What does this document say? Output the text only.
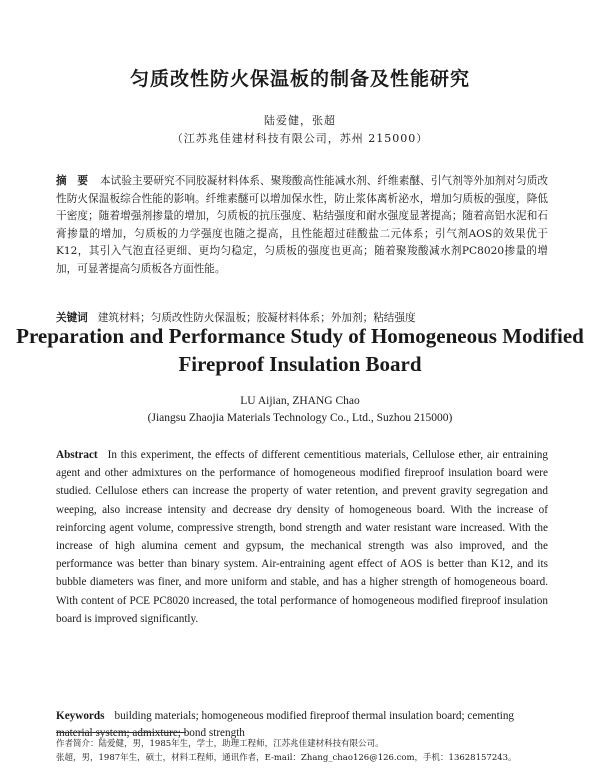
匀质改性防火保温板的制备及性能研究
陆爱健，张超
（江苏兆佳建材科技有限公司，苏州 215000）
摘　要 本试验主要研究不同胶凝材料体系、聚羧酸高性能减水剂、纤维素醚、引气剂等外加剂对匀质改性防火保温板综合性能的影响。纤维素醚可以增加保水性，防止浆体离析泌水，增加匀质板的强度，降低干密度；随着增强剂掺量的增加，匀质板的抗压强度、粘结强度和耐水强度显著提高；随着高铝水泥和石膏掺量的增加，匀质板的力学强度也随之提高，且性能超过硅酸盐二元体系；引气剂AOS的效果优于K12，其引入气泡直径更细、更均匀稳定，匀质板的强度也更高；随着聚羧酸减水剂PC8020掺量的增加，可显著提高匀质板各方面性能。
关键词 建筑材料；匀质改性防火保温板；胶凝材料体系；外加剂；粘结强度
Preparation and Performance Study of Homogeneous Modified Fireproof Insulation Board
LU Aijian, ZHANG Chao
(Jiangsu Zhaojia Materials Technology Co., Ltd., Suzhou 215000)
Abstract In this experiment, the effects of different cementitious materials, Cellulose ether, air entraining agent and other admixtures on the performance of homogeneous modified fireproof insulation board were studied. Cellulose ethers can increase the property of water retention, and prevent gravity segregation and weeping, also increase intensity and decrease dry density of homogeneous board. With the increase of reinforcing agent volume, compressive strength, bond strength and water resistant ware increased. With the increase of high alumina cement and gypsum, the mechanical strength was also improved, and the performance was better than binary system. Air-entraining agent effect of AOS is better than K12, and its bubble diameters was finer, and more uniform and stable, and has a higher strength of homogeneous board. With content of PCE PC8020 increased, the total performance of homogeneous modified fireproof insulation board is improved significantly.
Keywords building materials; homogeneous modified fireproof thermal insulation board; cementing material system; admixture; bond strength
作者简介：陆爱健，男，1985年生，学士，助理工程师，江苏兆佳建材科技有限公司。
张超，男，1987年生，硕士，材料工程师，通讯作者，E-mail：Zhang_chao126@126.com，手机：13628157243。
